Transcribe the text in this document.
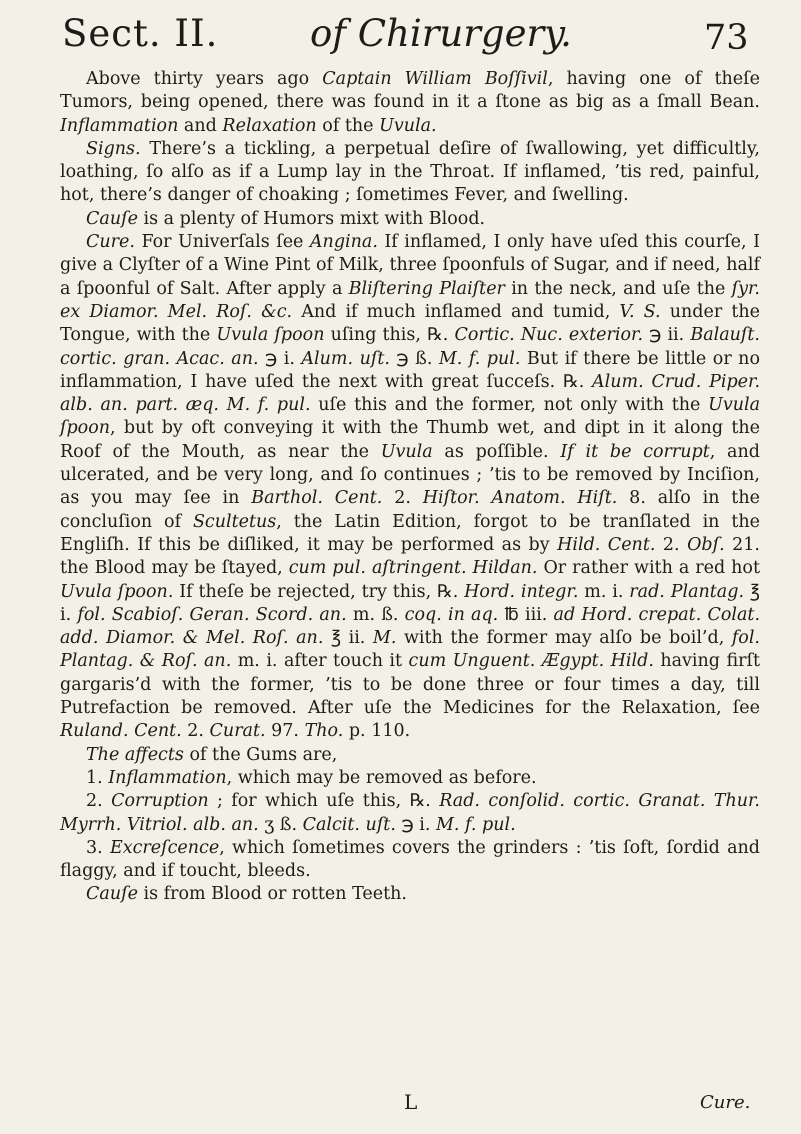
Sect. II. of Chirurgery.	73

Above thirty years ago Captain William Boſſivil, having one of theſe Tumors, being opened, there was found in it a ſtone as big as a ſmall Bean. Inflammation and Relaxation of the Uvula.

Signs. There’s a tickling, a perpetual deſire of ſwallowing, yet difficultly, loathing, ſo alſo as if a Lump lay in the Throat. If inflamed, ’tis red, painful, hot, there’s danger of choaking ; ſometimes Fever, and ſwelling.

Cauſe is a plenty of Humors mixt with Blood.

Cure. For Univerſals ſee Angina. If inflamed, I only have uſed this courſe, I give a Clyſter of a Wine Pint of Milk, three ſpoonfuls of Sugar, and if need, half a ſpoonful of Salt. After apply a Bliſtering Plaiſter in the neck, and uſe the ſyr. ex Diamor. Mel. Roſ. &c. And if much inflamed and tumid, V. S. under the Tongue, with the Uvula ſpoon uſing this, ℞. Cortic. Nuc. exterior. ℈ ii. Balauſt. cortic. gran. Acac. an. ℈ i. Alum. uſt. ℈ ß. M. f. pul. But if there be little or no inflammation, I have uſed the next with great ſucceſs. ℞. Alum. Crud. Piper. alb. an. part. æq. M. f. pul. uſe this and the former, not only with the Uvula ſpoon, but by oft conveying it with the Thumb wet, and dipt in it along the Roof of the Mouth, as near the Uvula as poſſible. If it be corrupt, and ulcerated, and be very long, and ſo continues ; ’tis to be removed by Inciſion, as you may ſee in Barthol. Cent. 2. Hiſtor. Anatom. Hiſt. 8. alſo in the concluſion of Scultetus, the Latin Edition, forgot to be tranſlated in the Engliſh. If this be diſliked, it may be performed as by Hild. Cent. 2. Obſ. 21. the Blood may be ſtayed, cum pul. aſtringent. Hildan. Or rather with a red hot Uvula ſpoon. If theſe be rejected, try this, ℞. Hord. integr. m. i. rad. Plantag. ℥ i. fol. Scabioſ. Geran. Scord. an. m. ß. coq. in aq. ℔ iii. ad Hord. crepat. Colat. add. Diamor. & Mel. Roſ. an. ℥ ii. M. with the former may alſo be boil’d, fol. Plantag. & Roſ. an. m. i. after touch it cum Unguent. Ægypt. Hild. having firſt gargaris’d with the former, ’tis to be done three or four times a day, till Putrefaction be removed. After uſe the Medicines for the Relaxation, ſee Ruland. Cent. 2. Curat. 97. Tho. p. 110.

The affects of the Gums are,

1. Inflammation, which may be removed as before.

2. Corruption ; for which uſe this, ℞. Rad. conſolid. cortic. Granat. Thur. Myrrh. Vitriol. alb. an. ʒ ß. Calcit. uſt. ℈ i. M. f. pul.

3. Excreſcence, which ſometimes covers the grinders : ’tis ſoft, ſordid and flaggy, and if toucht, bleeds.

Cauſe is from Blood or rotten Teeth.

L	Cure.
